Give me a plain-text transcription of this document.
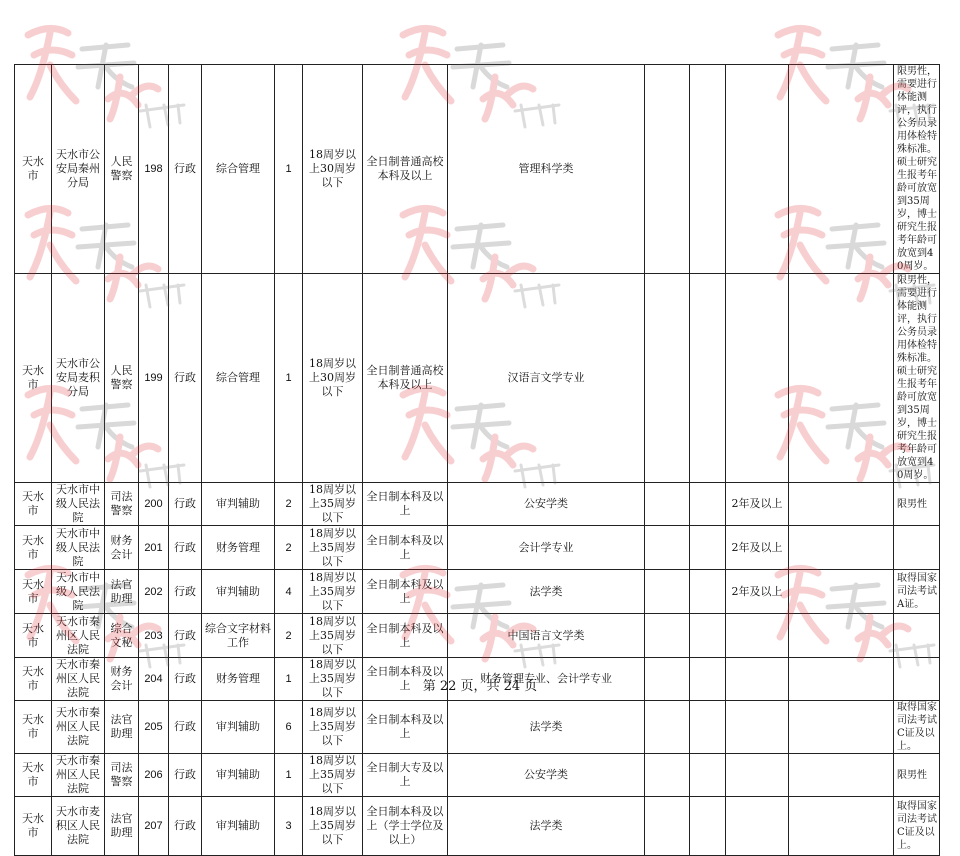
天水市	天水市公安局秦州分局	人民警察	198	行政	综合管理	1	18周岁以上30周岁以下	全日制普通高校本科及以上	管理科学类					限男性，需要进行体能测评，执行公务员录用体检特殊标准。硕士研究生报考年龄可放宽到35周岁，博士研究生报考年龄可放宽到40周岁。
天水市	天水市公安局麦积分局	人民警察	199	行政	综合管理	1	18周岁以上30周岁以下	全日制普通高校本科及以上	汉语言文学专业					限男性，需要进行体能测评，执行公务员录用体检特殊标准。硕士研究生报考年龄可放宽到35周岁，博士研究生报考年龄可放宽到40周岁。
天水市	天水市中级人民法院	司法警察	200	行政	审判辅助	2	18周岁以上35周岁以下	全日制本科及以上	公安学类			2年及以上		限男性
天水市	天水市中级人民法院	财务会计	201	行政	财务管理	2	18周岁以上35周岁以下	全日制本科及以上	会计学专业			2年及以上		
天水市	天水市中级人民法院	法官助理	202	行政	审判辅助	4	18周岁以上35周岁以下	全日制本科及以上	法学类			2年及以上		取得国家司法考试A证。
天水市	天水市秦州区人民法院	综合文秘	203	行政	综合文字材料工作	2	18周岁以上35周岁以下	全日制本科及以上	中国语言文学类					
天水市	天水市秦州区人民法院	财务会计	204	行政	财务管理	1	18周岁以上35周岁以下	全日制本科及以上	财务管理专业、会计学专业					
天水市	天水市秦州区人民法院	法官助理	205	行政	审判辅助	6	18周岁以上35周岁以下	全日制本科及以上	法学类					取得国家司法考试C证及以上。
天水市	天水市秦州区人民法院	司法警察	206	行政	审判辅助	1	18周岁以上35周岁以下	全日制大专及以上	公安学类					限男性
天水市	天水市麦积区人民法院	法官助理	207	行政	审判辅助	3	18周岁以上35周岁以下	全日制本科及以上（学士学位及以上）	法学类					取得国家司法考试C证及以上。
第 22 页，共 24 页
